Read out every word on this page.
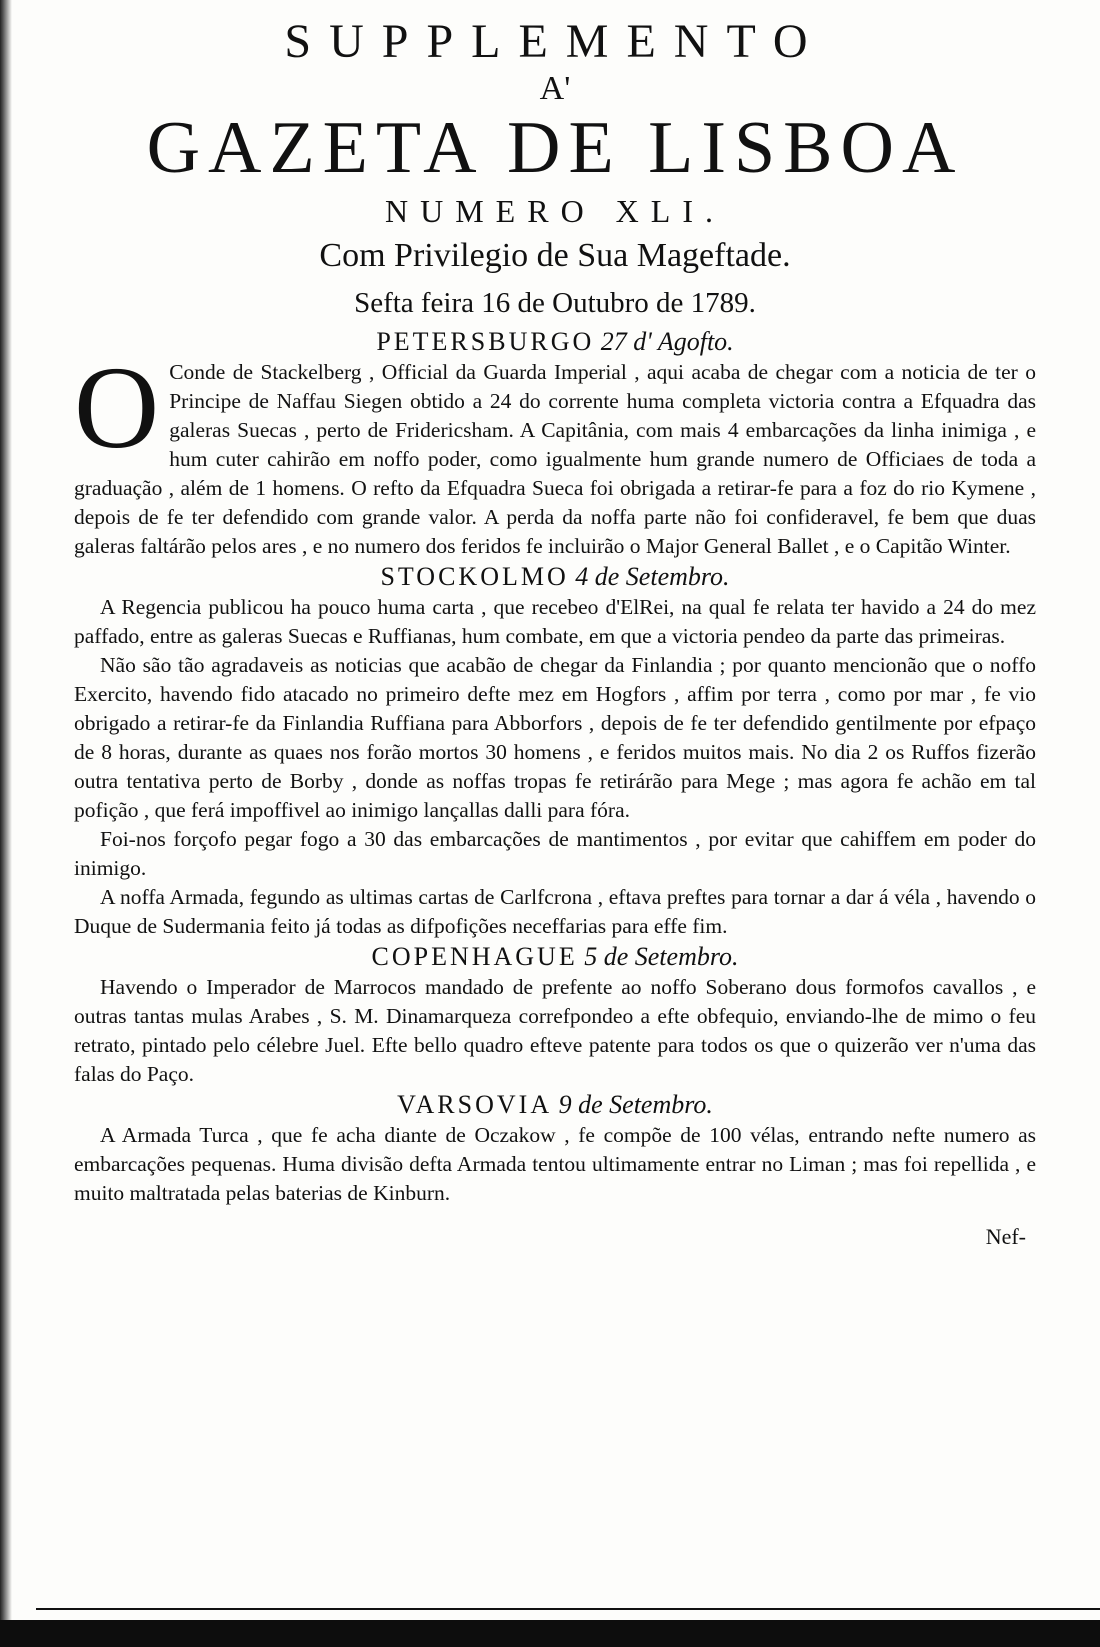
SUPPLEMENTO

A'

GAZETA DE LISBOA

NUMERO XLI.

Com Privilegio de Sua Mageftade.

Sefta feira 16 de Outubro de 1789.

PETERSBURGO 27 d' Agofto.

O Conde de Stackelberg , Official da Guarda Imperial , aqui acaba de chegar com a noticia de ter o Principe de Naffau Siegen obtido a 24 do corrente huma completa victoria contra a Efquadra das galeras Suecas , perto de Fridericsham. A Capitânia, com mais 4 embarcações da linha inimiga , e hum cuter cahirão em noffo poder, como igualmente hum grande numero de Officiaes de toda a graduação , além de 1 homens. O refto da Efquadra Sueca foi obrigada a retirar-fe para a foz do rio Kymene , depois de fe ter defendido com grande valor. A perda da noffa parte não foi confideravel, fe bem que duas galeras faltárão pelos ares , e no numero dos feridos fe incluirão o Major General Ballet , e o Capitão Winter.

STOCKOLMO 4 de Setembro.

A Regencia publicou ha pouco huma carta , que recebeo d'ElRei, na qual fe relata ter havido a 24 do mez paffado, entre as galeras Suecas e Ruffianas, hum combate, em que a victoria pendeo da parte das primeiras.

Não são tão agradaveis as noticias que acabão de chegar da Finlandia ; por quanto mencionão que o noffo Exercito, havendo fido atacado no primeiro defte mez em Hogfors , affim por terra , como por mar , fe vio obrigado a retirar-fe da Finlandia Ruffiana para Abborfors , depois de fe ter defendido gentilmente por efpaço de 8 horas, durante as quaes nos forão mortos 30 homens , e feridos muitos mais. No dia 2 os Ruffos fizerão outra tentativa perto de Borby , donde as noffas tropas fe retirárão para Mege ; mas agora fe achão em tal pofição , que ferá impoffivel ao inimigo lançallas dalli para fóra.

Foi-nos forçofo pegar fogo a 30 das embarcações de mantimentos , por evitar que cahiffem em poder do inimigo.

A noffa Armada, fegundo as ultimas cartas de Carlfcrona , eftava preftes para tornar a dar á véla , havendo o Duque de Sudermania feito já todas as difpofições neceffarias para effe fim.

COPENHAGUE 5 de Setembro.

Havendo o Imperador de Marrocos mandado de prefente ao noffo Soberano dous formofos cavallos , e outras tantas mulas Arabes , S. M. Dinamarqueza correfpondeo a efte obfequio, enviando-lhe de mimo o feu retrato, pintado pelo célebre Juel. Efte bello quadro efteve patente para todos os que o quizerão ver n'uma das falas do Paço.

VARSOVIA 9 de Setembro.

A Armada Turca , que fe acha diante de Oczakow , fe compõe de 100 vélas, entrando nefte numero as embarcações pequenas. Huma divisão defta Armada tentou ultimamente entrar no Liman ; mas foi repellida , e muito maltratada pelas baterias de Kinburn.

Nef-
